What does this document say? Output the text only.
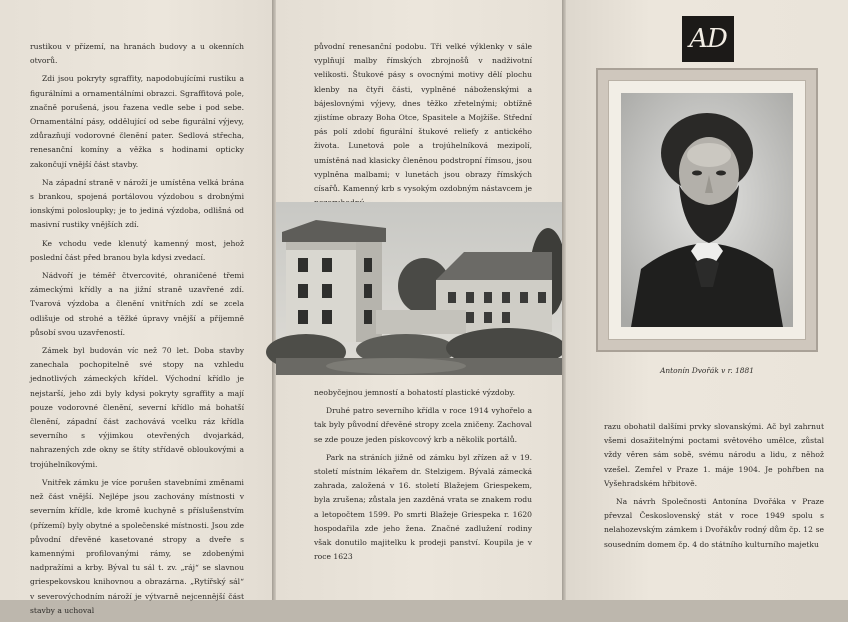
rustikou v přízemí, na hranách budovy a u okenních otvorů.

Zdi jsou pokryty sgraffity, napodobujícími rustiku a figurálními a ornamentálními obrazci. Sgraffitová pole, značně porušená, jsou řazena vedle sebe i pod sebe. Ornamentální pásy, oddělující od sebe figurální výjevy, zdůrazňují vodorovné členění pater. Sedlová střecha, renesanční komíny a věžka s hodinami opticky zakončují vnější část stavby.

Na západní straně v nároží je umístěna velká brána s brankou, spojená portálovou výzdobou s drobnými ionskými polosloupky; je to jediná výzdoba, odlišná od masivní rustiky vnějších zdí.

Ke vchodu vede klenutý kamenný most, jehož poslední část před branou byla kdysi zvedací.

Nádvoří je téměř čtvercovité, ohraničené třemi zámeckými křídly a na jižní straně uzavřené zdí. Tvarová výzdoba a členění vnitřních zdí se zcela odlišuje od strohé a těžké úpravy vnější a příjemně působí svou uzavřeností.

Zámek byl budován víc než 70 let. Doba stavby zanechala pochopitelně své stopy na vzhledu jednotlivých zámeckých křídel. Východní křídlo je nejstarší, jeho zdi byly kdysi pokryty sgraffity a mají pouze vodorovné členění, severní křídlo má bohatší členění, západní část zachovává vcelku ráz křídla severního s výjimkou otevřených dvojarkád, nahrazených zde okny se štíty střídavě obloukovými a trojúhelníkovými.

Vnitřek zámku je více porušen stavebními změnami než část vnější. Nejlépe jsou zachovány místnosti v severním křídle, kde kromě kuchyně s příslušenstvím (přízemí) byly obytné a společenské místnosti. Jsou zde původní dřevěné kasetované stropy a dveře s kamennými profilovanými rámy, se zdobenými nadpražími a krby. Býval tu sál t. zv. „ráj“ se slavnou griespekovskou knihovnou a obrazárna. „Rytířský sál“ v severovýchodním nároží je výtvarně nejcennější část stavby a uchoval

původní renesanční podobu. Tři velké výklenky v sále vyplňují malby římských zbrojnošů v nadživotní velikosti. Štukové pásy s ovocnými motivy dělí plochu klenby na čtyři části, vyplněné náboženskými a bájeslovnými výjevy, dnes těžko zřetelnými; obtížně zjistíme obrazy Boha Otce, Spasitele a Mojžíše. Střední pás polí zdobí figurální štukové reliefy z antického života. Lunetová pole a trojúhelníková mezipolí, umístěná nad klasicky členěnou podstropní římsou, jsou vyplněna malbami; v lunetách jsou obrazy římských císařů. Kamenný krb s vysokým ozdobným nástavcem je

neobyčejnou jemností a bohatostí plastické výzdoby.

Druhé patro severního křídla v roce 1914 vyhořelo a tak byly původní dřevěné stropy zcela zničeny. Zachoval se zde pouze jeden pískovcový krb a několik portálů.

Park na stráních jižně od zámku byl zřízen až v 19. století místním lékařem dr. Stelzigem. Bývalá zámecká zahrada, založená v 16. století Blažejem Griespekem, byla zrušena; zůstala jen zazděná vrata se znakem rodu a letopočtem 1599. Po smrti Blažeje Griespeka r. 1620 hospodařila zde jeho žena. Značné zadlužení rodiny však donutilo majitelku k prodeji panství. Koupila je v roce 1623

AD
Antonín Dvořák v r. 1881

razu obohatil dalšími prvky slovanskými. Ač byl zahrnut všemi dosažitelnými poctami světového umělce, zůstal vždy věren sám sobě, svému národu a lidu, z něhož vzešel. Zemřel v Praze 1. máje 1904. Je pohřben na Vyšehradském hřbitově.

Na návrh Společnosti Antonína Dvořáka v Praze převzal Československý stát v roce 1949 spolu s nelahozevským zámkem i Dvořákův rodný dům čp. 12 se sousedním domem čp. 4 do státního kulturního majetku
